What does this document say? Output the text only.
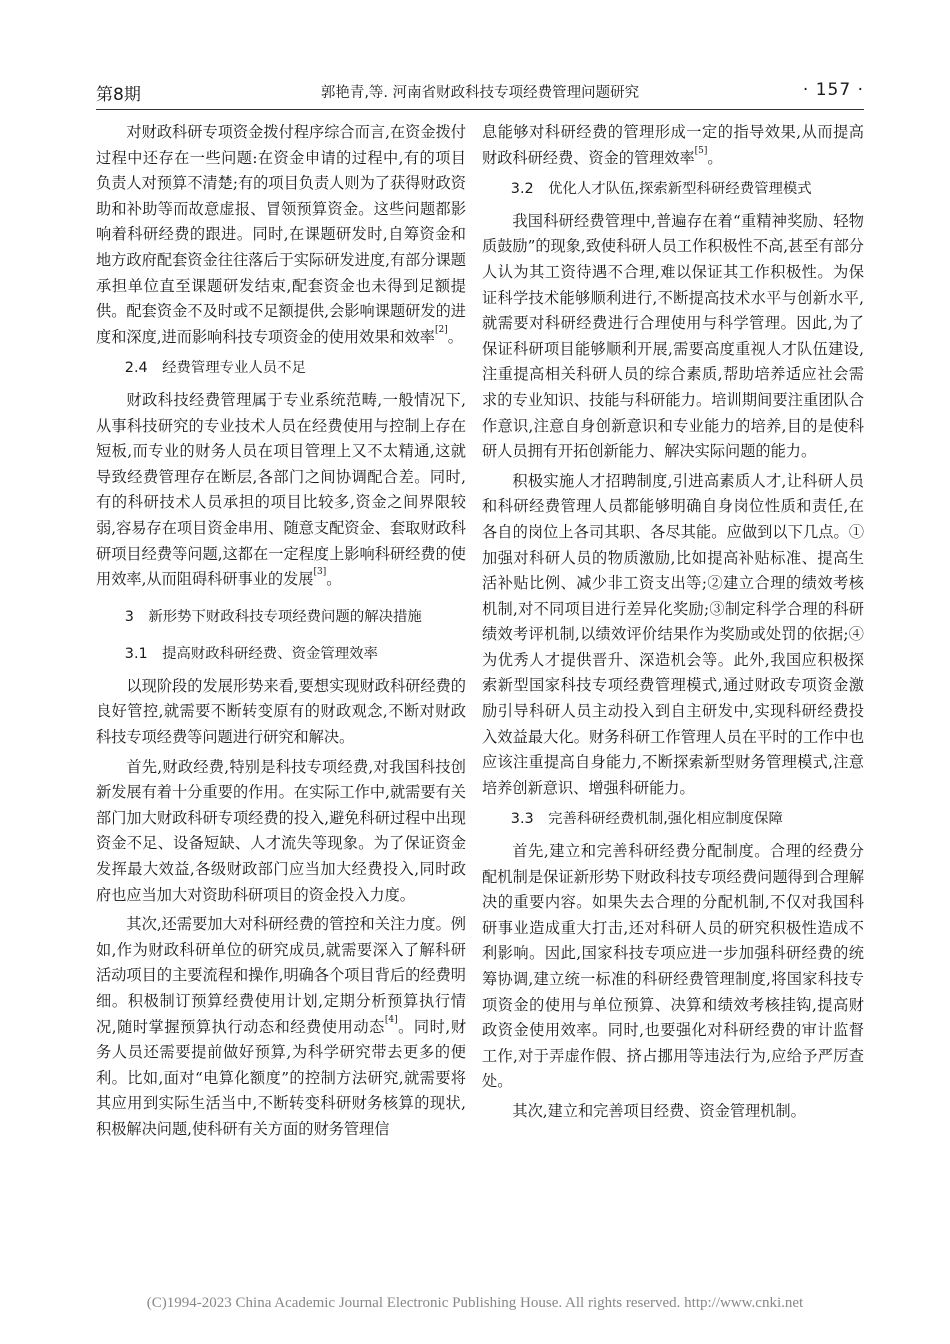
第8期	郭艳青,等. 河南省财政科技专项经费管理问题研究	· 157 ·

对财政科研专项资金拨付程序综合而言,在资金拨付过程中还存在一些问题:在资金申请的过程中,有的项目负责人对预算不清楚;有的项目负责人则为了获得财政资助和补助等而故意虚报、冒领预算资金。这些问题都影响着科研经费的跟进。同时,在课题研发时,自筹资金和地方政府配套资金往往落后于实际研发进度,有部分课题承担单位直至课题研发结束,配套资金也未得到足额提供。配套资金不及时或不足额提供,会影响课题研发的进度和深度,进而影响科技专项资金的使用效果和效率[2]。

2.4　经费管理专业人员不足

财政科技经费管理属于专业系统范畴,一般情况下,从事科技研究的专业技术人员在经费使用与控制上存在短板,而专业的财务人员在项目管理上又不太精通,这就导致经费管理存在断层,各部门之间协调配合差。同时,有的科研技术人员承担的项目比较多,资金之间界限较弱,容易存在项目资金串用、随意支配资金、套取财政科研项目经费等问题,这都在一定程度上影响科研经费的使用效率,从而阻碍科研事业的发展[3]。

3　新形势下财政科技专项经费问题的解决措施
3.1　提高财政科研经费、资金管理效率

以现阶段的发展形势来看,要想实现财政科研经费的良好管控,就需要不断转变原有的财政观念,不断对财政科技专项经费等问题进行研究和解决。

首先,财政经费,特别是科技专项经费,对我国科技创新发展有着十分重要的作用。在实际工作中,就需要有关部门加大财政科研专项经费的投入,避免科研过程中出现资金不足、设备短缺、人才流失等现象。为了保证资金发挥最大效益,各级财政部门应当加大经费投入,同时政府也应当加大对资助科研项目的资金投入力度。

其次,还需要加大对科研经费的管控和关注力度。例如,作为财政科研单位的研究成员,就需要深入了解科研活动项目的主要流程和操作,明确各个项目背后的经费明细。积极制订预算经费使用计划,定期分析预算执行情况,随时掌握预算执行动态和经费使用动态[4]。同时,财务人员还需要提前做好预算,为科学研究带去更多的便利。比如,面对“电算化额度”的控制方法研究,就需要将其应用到实际生活当中,不断转变科研财务核算的现状,积极解决问题,使科研有关方面的财务管理信

息能够对科研经费的管理形成一定的指导效果,从而提高财政科研经费、资金的管理效率[5]。

3.2　优化人才队伍,探索新型科研经费管理模式

我国科研经费管理中,普遍存在着“重精神奖励、轻物质鼓励”的现象,致使科研人员工作积极性不高,甚至有部分人认为其工资待遇不合理,难以保证其工作积极性。为保证科学技术能够顺利进行,不断提高技术水平与创新水平,就需要对科研经费进行合理使用与科学管理。因此,为了保证科研项目能够顺利开展,需要高度重视人才队伍建设,注重提高相关科研人员的综合素质,帮助培养适应社会需求的专业知识、技能与科研能力。培训期间要注重团队合作意识,注意自身创新意识和专业能力的培养,目的是使科研人员拥有开拓创新能力、解决实际问题的能力。

积极实施人才招聘制度,引进高素质人才,让科研人员和科研经费管理人员都能够明确自身岗位性质和责任,在各自的岗位上各司其职、各尽其能。应做到以下几点。①加强对科研人员的物质激励,比如提高补贴标准、提高生活补贴比例、减少非工资支出等;②建立合理的绩效考核机制,对不同项目进行差异化奖励;③制定科学合理的科研绩效考评机制,以绩效评价结果作为奖励或处罚的依据;④为优秀人才提供晋升、深造机会等。此外,我国应积极探索新型国家科技专项经费管理模式,通过财政专项资金激励引导科研人员主动投入到自主研发中,实现科研经费投入效益最大化。财务科研工作管理人员在平时的工作中也应该注重提高自身能力,不断探索新型财务管理模式,注意培养创新意识、增强科研能力。

3.3　完善科研经费机制,强化相应制度保障

首先,建立和完善科研经费分配制度。合理的经费分配机制是保证新形势下财政科技专项经费问题得到合理解决的重要内容。如果失去合理的分配机制,不仅对我国科研事业造成重大打击,还对科研人员的研究积极性造成不利影响。因此,国家科技专项应进一步加强科研经费的统筹协调,建立统一标准的科研经费管理制度,将国家科技专项资金的使用与单位预算、决算和绩效考核挂钩,提高财政资金使用效率。同时,也要强化对科研经费的审计监督工作,对于弄虚作假、挤占挪用等违法行为,应给予严厉查处。

其次,建立和完善项目经费、资金管理机制。

(C)1994-2023 China Academic Journal Electronic Publishing House. All rights reserved. http://www.cnki.net
